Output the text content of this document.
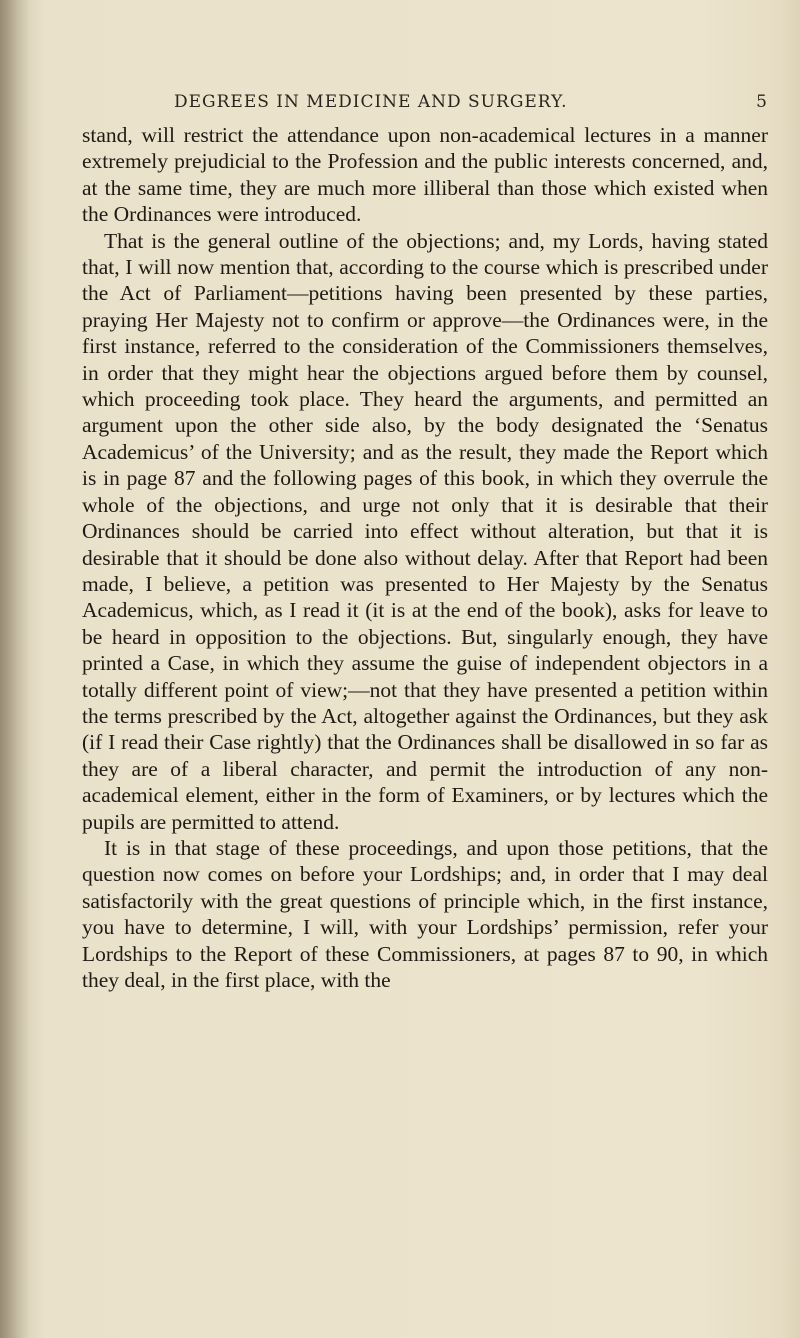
DEGREES IN MEDICINE AND SURGERY.	5

stand, will restrict the attendance upon non-academical lectures in a manner extremely prejudicial to the Profession and the public interests concerned, and, at the same time, they are much more illiberal than those which existed when the Ordinances were introduced.

That is the general outline of the objections; and, my Lords, having stated that, I will now mention that, according to the course which is prescribed under the Act of Parliament—petitions having been presented by these parties, praying Her Majesty not to confirm or approve—the Ordinances were, in the first instance, referred to the consideration of the Commissioners themselves, in order that they might hear the objections argued before them by counsel, which proceeding took place. They heard the arguments, and permitted an argument upon the other side also, by the body designated the ‘Senatus Academicus’ of the University; and as the result, they made the Report which is in page 87 and the following pages of this book, in which they overrule the whole of the objections, and urge not only that it is desirable that their Ordinances should be carried into effect without alteration, but that it is desirable that it should be done also without delay. After that Report had been made, I believe, a petition was presented to Her Majesty by the Senatus Academicus, which, as I read it (it is at the end of the book), asks for leave to be heard in opposition to the objections. But, singularly enough, they have printed a Case, in which they assume the guise of independent objectors in a totally different point of view;—not that they have presented a petition within the terms prescribed by the Act, altogether against the Ordinances, but they ask (if I read their Case rightly) that the Ordinances shall be disallowed in so far as they are of a liberal character, and permit the introduction of any non-academical element, either in the form of Examiners, or by lectures which the pupils are permitted to attend.

It is in that stage of these proceedings, and upon those petitions, that the question now comes on before your Lordships; and, in order that I may deal satisfactorily with the great questions of principle which, in the first instance, you have to determine, I will, with your Lordships’ permission, refer your Lordships to the Report of these Commissioners, at pages 87 to 90, in which they deal, in the first place, with the
